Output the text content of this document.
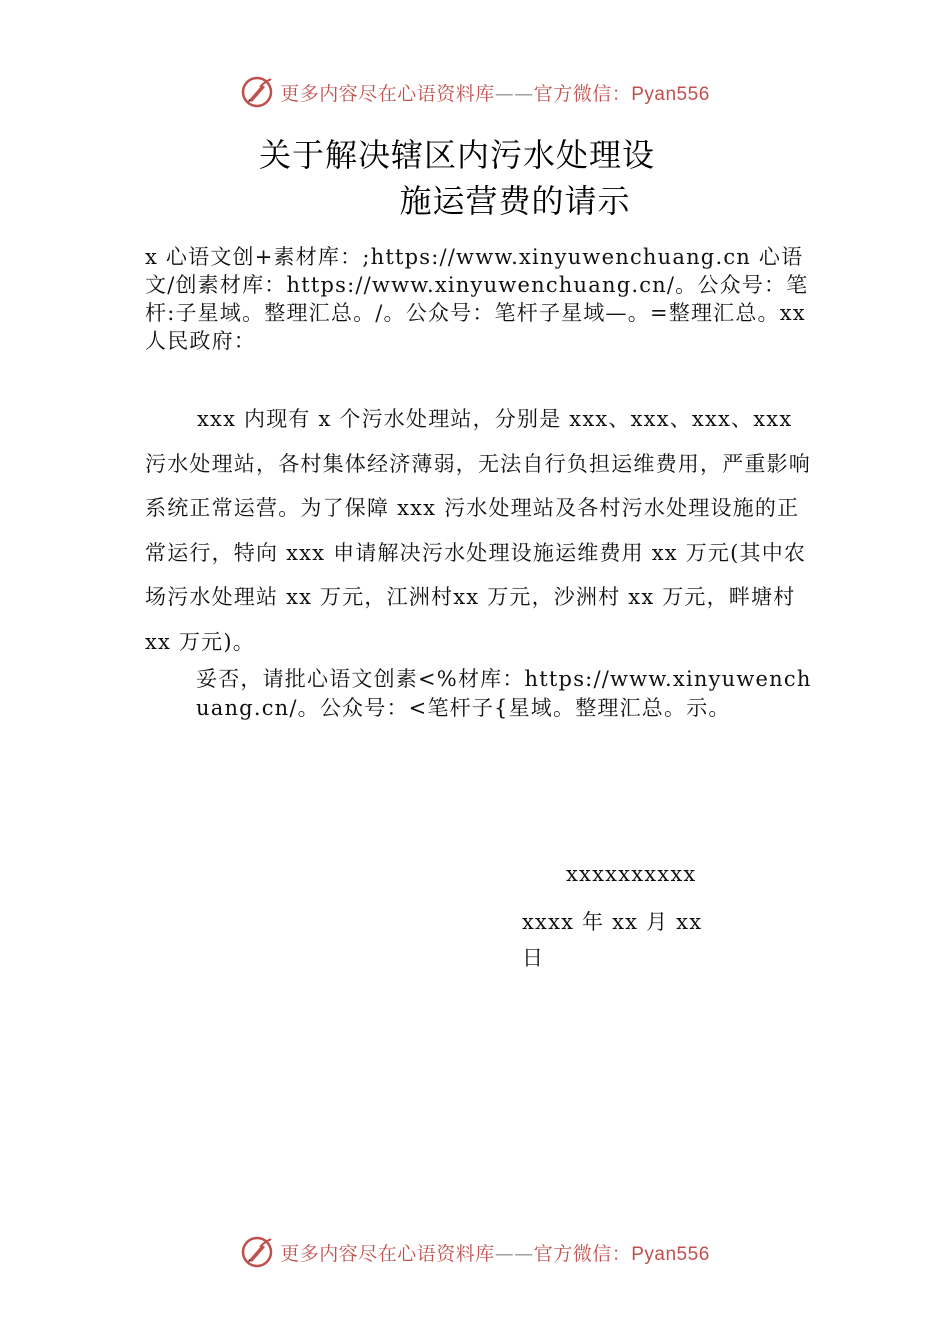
更多内容尽在心语资料库——官方微信：Pyan556
关于解决辖区内污水处理设
施运营费的请示
x 心语文创+素材库：;https://www.xinyuwenchuang.cn 心语文/创素材库：https://www.xinyuwenchuang.cn/。公众号：笔杆:子星域。整理汇总。/。公众号：笔杆子星域—。=整理汇总。xx 人民政府：
xxx 内现有 x 个污水处理站，分别是 xxx、xxx、xxx、xxx 污水处理站，各村集体经济薄弱，无法自行负担运维费用，严重影响系统正常运营。为了保障 xxx 污水处理站及各村污水处理设施的正常运行，特向 xxx 申请解决污水处理设施运维费用 xx 万元(其中农场污水处理站 xx 万元，江洲村xx 万元，沙洲村 xx 万元，畔塘村 xx 万元)。
妥否，请批心语文创素<%材库：https://www.xinyuwenchuang.cn/。公众号：<笔杆子{星域。整理汇总。示。
xxxxxxxxxx
xxxx 年 xx 月 xx 日
更多内容尽在心语资料库——官方微信：Pyan556
